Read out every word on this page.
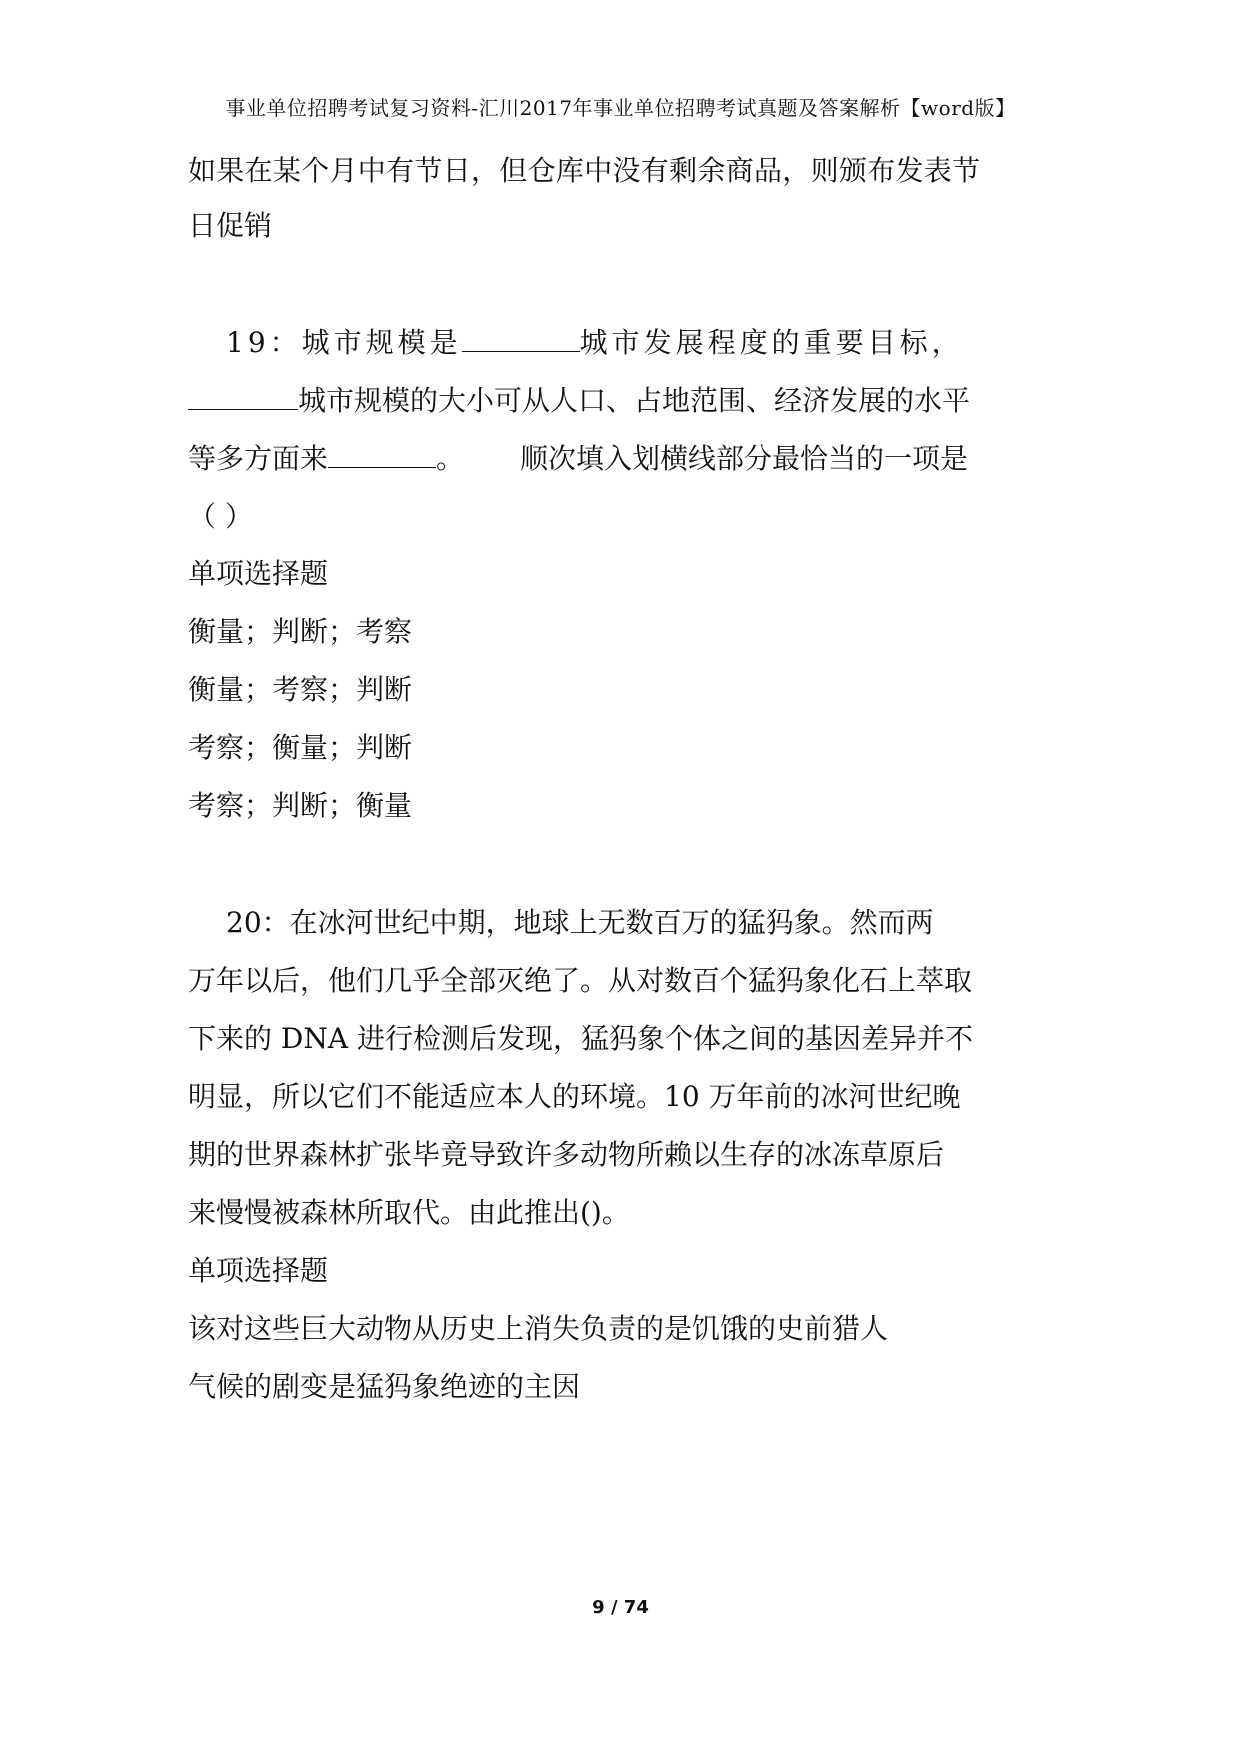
事业单位招聘考试复习资料-汇川2017年事业单位招聘考试真题及答案解析【word版】
如果在某个月中有节日，但仓库中没有剩余商品，则颁布发表节
日促销
19：城市规模是	城市发展程度的重要目标，
城市规模的大小可从人口、占地范围、经济发展的水平
等多方面来	。 顺次填入划横线部分最恰当的一项是
（ ）
单项选择题
衡量；判断；考察
衡量；考察；判断
考察；衡量；判断
考察；判断；衡量
20：在冰河世纪中期，地球上无数百万的猛犸象。然而两
万年以后，他们几乎全部灭绝了。从对数百个猛犸象化石上萃取
下来的 DNA 进行检测后发现，猛犸象个体之间的基因差异并不
明显，所以它们不能适应本人的环境。10 万年前的冰河世纪晚
期的世界森林扩张毕竟导致许多动物所赖以生存的冰冻草原后
来慢慢被森林所取代。由此推出()。
单项选择题
该对这些巨大动物从历史上消失负责的是饥饿的史前猎人
气候的剧变是猛犸象绝迹的主因
9 / 74
